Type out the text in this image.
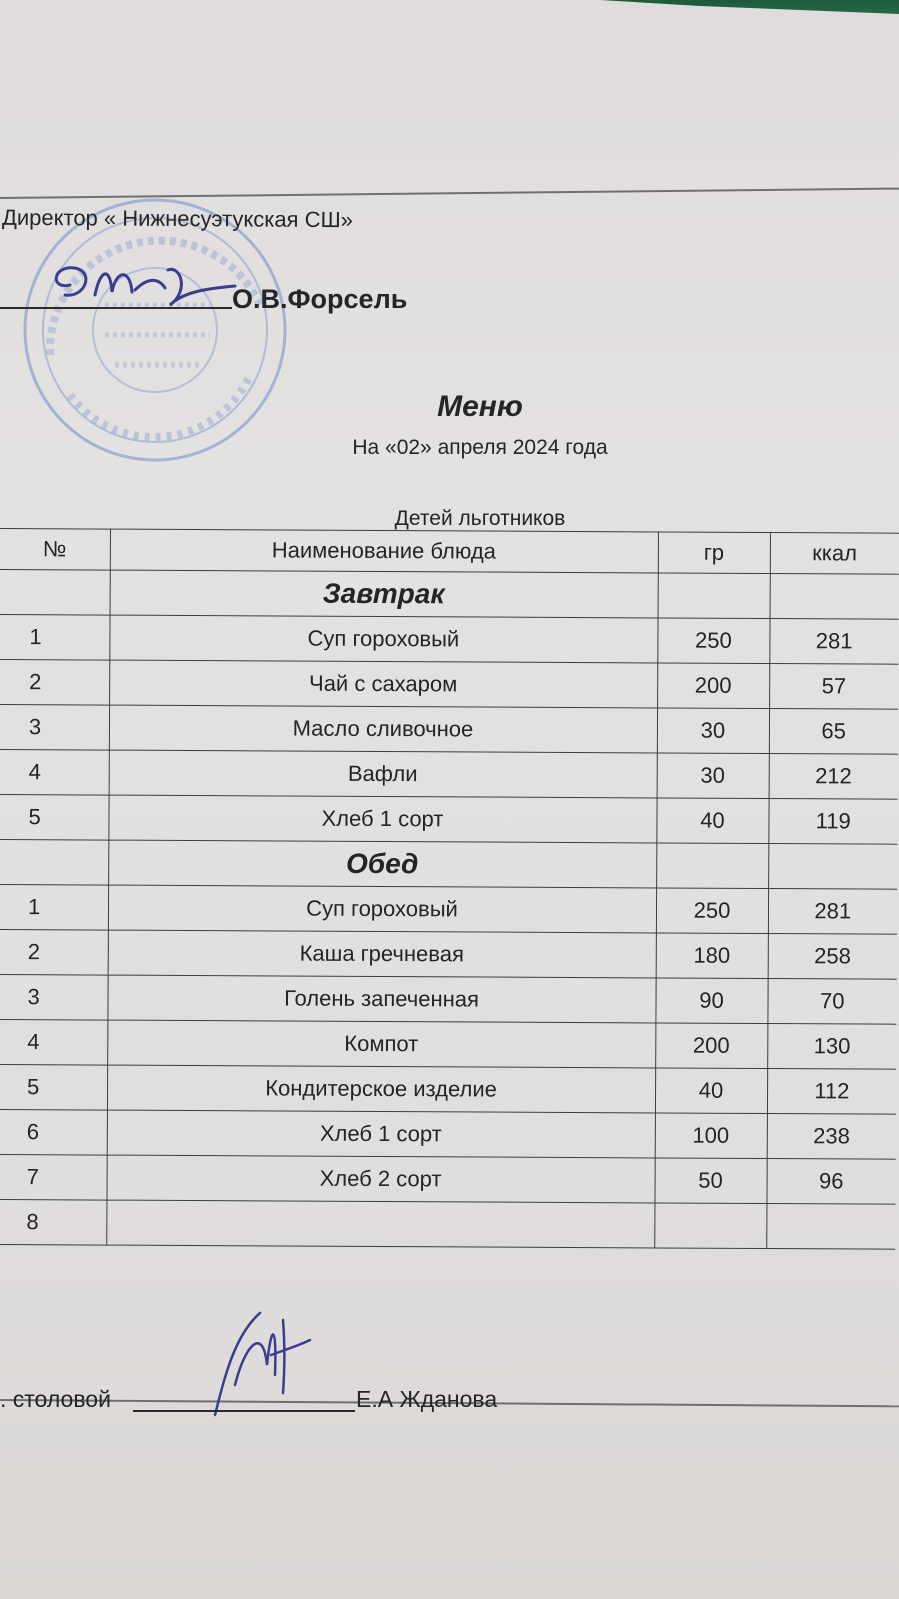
Директор « Нижнесуэтукская СШ»
О.В.Форсель
Меню
На «02» апреля 2024 года
Детей льготников
№	Наименование блюда	гр	ккал
	Завтрак		
1	Суп гороховый	250	281
2	Чай с сахаром	200	57
3	Масло сливочное	30	65
4	Вафли	30	212
5	Хлеб 1 сорт	40	119
	Обед		
1	Суп гороховый	250	281
2	Каша гречневая	180	258
3	Голень запеченная	90	70
4	Компот	200	130
5	Кондитерское изделие	40	112
6	Хлеб 1 сорт	100	238
7	Хлеб 2 сорт	50	96
8			
. столовой	Е.А Жданова
